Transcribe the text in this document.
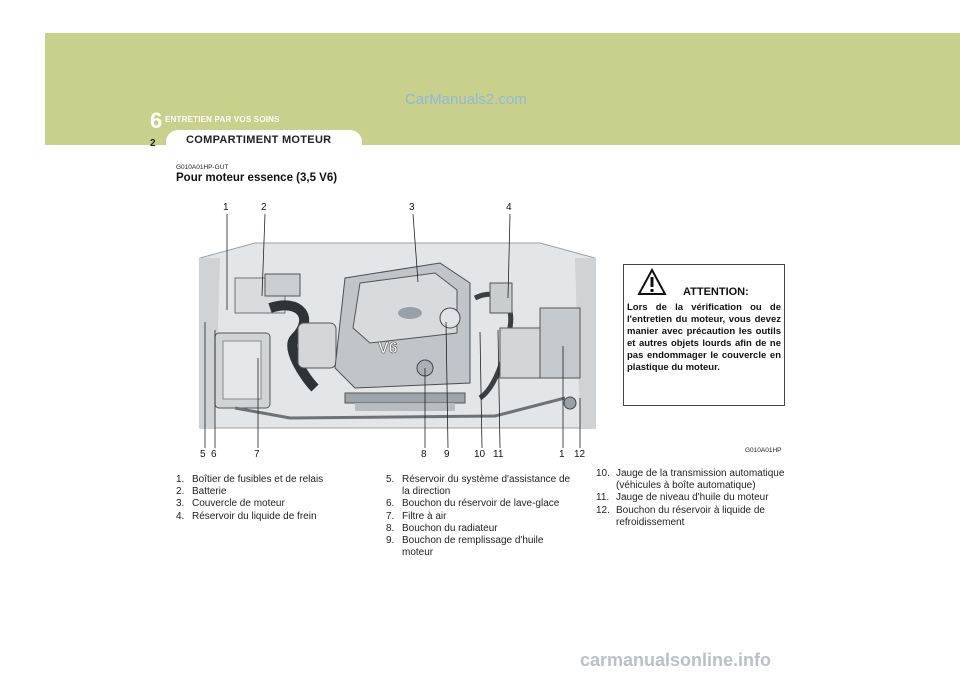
6 ENTRETIEN PAR VOS SOINS
CarManuals2.com
2	COMPARTIMENT MOTEUR
G010A01HP-GUT
Pour moteur essence (3,5 V6)
V6
1	2	3	4
5 6	7	8 9 10 11	1 12
ATTENTION:
Lors de la vérification ou de l'entretien du moteur, vous devez manier avec précaution les outils et autres objets lourds afin de ne pas endommager le couvercle en plastique du moteur.
G010A01HP
1. Boîtier de fusibles et de relais
2. Batterie
3. Couvercle de moteur
4. Réservoir du liquide de frein
5. Réservoir du système d'assistance de la direction
6. Bouchon du réservoir de lave-glace
7. Filtre à air
8. Bouchon du radiateur
9. Bouchon de remplissage d'huile moteur
10. Jauge de la transmission automatique (véhicules à boîte automatique)
11. Jauge de niveau d'huile du moteur
12. Bouchon du réservoir à liquide de refroidissement
carmanualsonline.info
